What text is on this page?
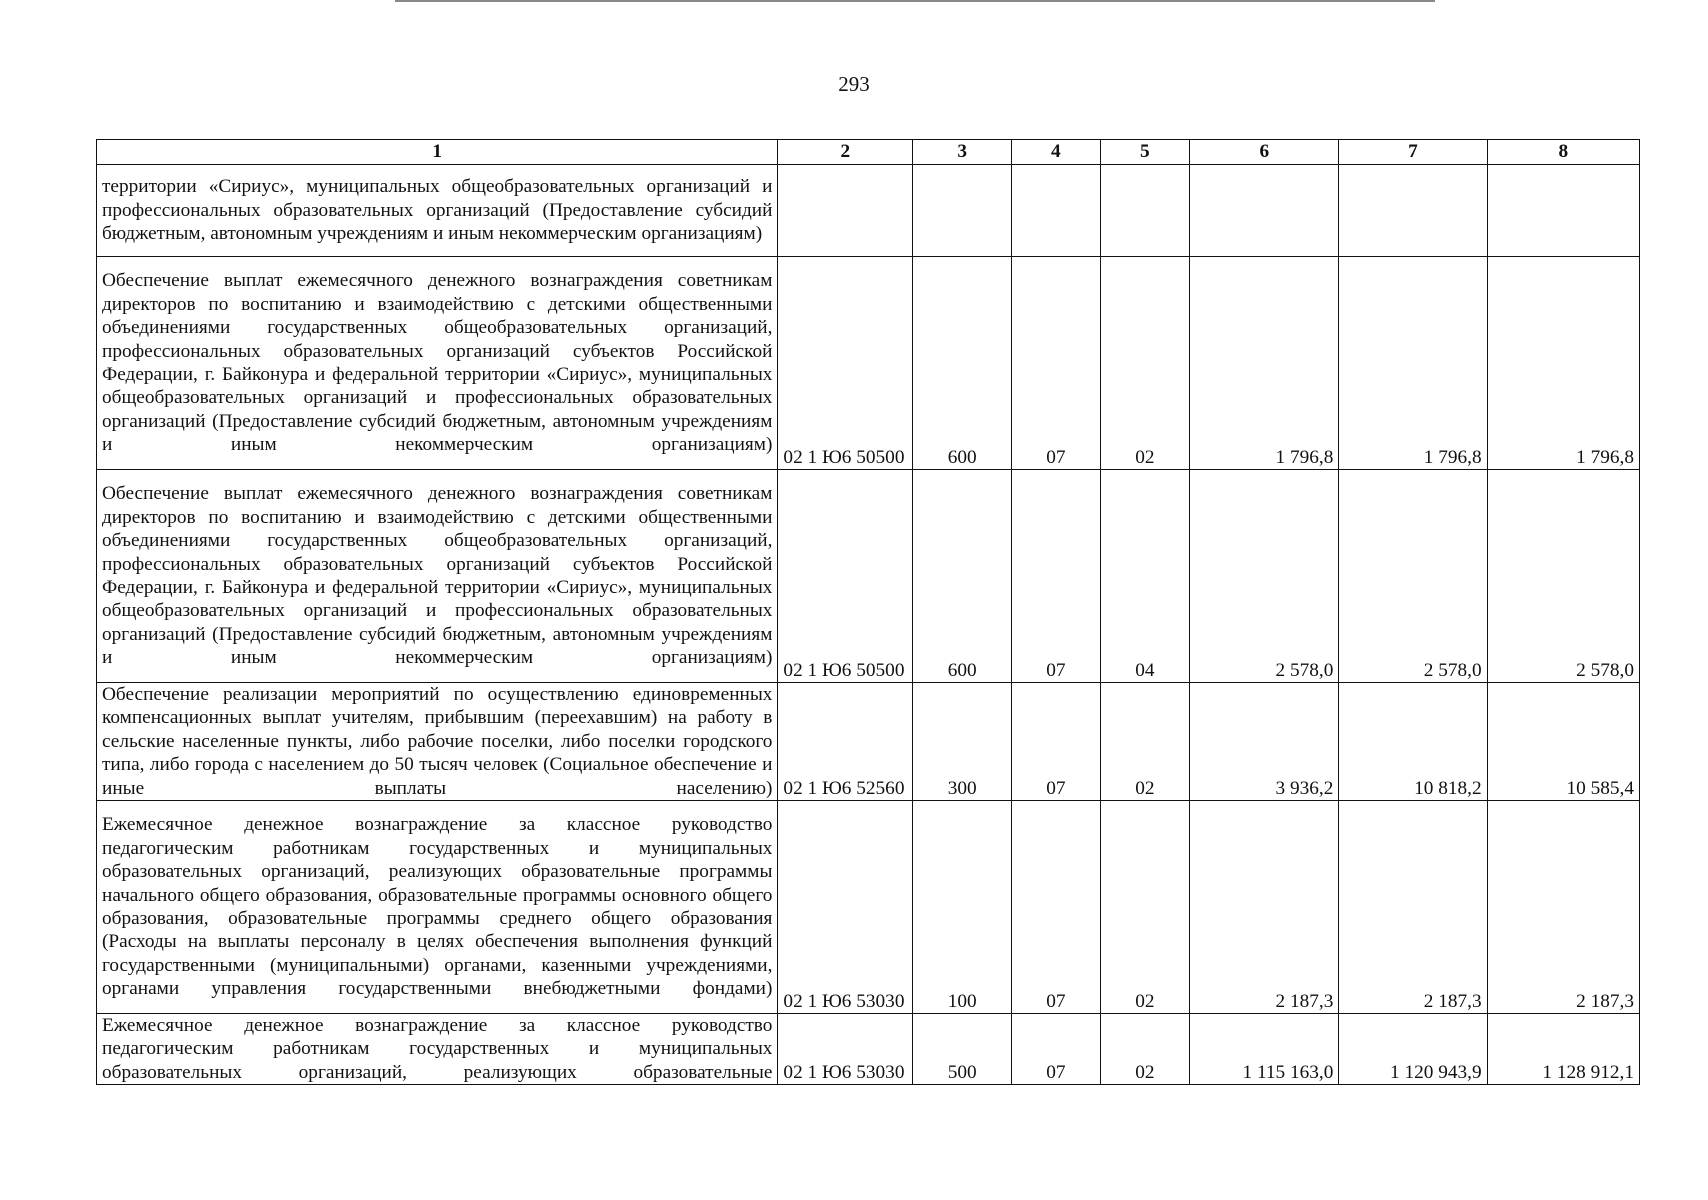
293
1	2	3	4	5	6	7	8
территории «Сириус», муниципальных общеобразовательных организаций и профессиональных образовательных организаций (Предоставление субсидий бюджетным, автономным учреждениям и иным некоммерческим организациям)							
Обеспечение выплат ежемесячного денежного вознаграждения советникам директоров по воспитанию и взаимодействию с детскими общественными объединениями государственных общеобразовательных организаций, профессиональных образовательных организаций субъектов Российской Федерации, г. Байконура и федеральной территории «Сириус», муниципальных общеобразовательных организаций и профессиональных образовательных организаций (Предоставление субсидий бюджетным, автономным учреждениям и иным некоммерческим организациям)	02 1 Ю6 50500	600	07	02	1 796,8	1 796,8	1 796,8
Обеспечение выплат ежемесячного денежного вознаграждения советникам директоров по воспитанию и взаимодействию с детскими общественными объединениями государственных общеобразовательных организаций, профессиональных образовательных организаций субъектов Российской Федерации, г. Байконура и федеральной территории «Сириус», муниципальных общеобразовательных организаций и профессиональных образовательных организаций (Предоставление субсидий бюджетным, автономным учреждениям и иным некоммерческим организациям)	02 1 Ю6 50500	600	07	04	2 578,0	2 578,0	2 578,0
Обеспечение реализации мероприятий по осуществлению единовременных компенсационных выплат учителям, прибывшим (переехавшим) на работу в сельские населенные пункты, либо рабочие поселки, либо поселки городского типа, либо города с населением до 50 тысяч человек (Социальное обеспечение и иные выплаты населению)	02 1 Ю6 52560	300	07	02	3 936,2	10 818,2	10 585,4
Ежемесячное денежное вознаграждение за классное руководство педагогическим работникам государственных и муниципальных образовательных организаций, реализующих образовательные программы начального общего образования, образовательные программы основного общего образования, образовательные программы среднего общего образования (Расходы на выплаты персоналу в целях обеспечения выполнения функций государственными (муниципальными) органами, казенными учреждениями, органами управления государственными внебюджетными фондами)	02 1 Ю6 53030	100	07	02	2 187,3	2 187,3	2 187,3
Ежемесячное денежное вознаграждение за классное руководство педагогическим работникам государственных и муниципальных образовательных организаций, реализующих образовательные	02 1 Ю6 53030	500	07	02	1 115 163,0	1 120 943,9	1 128 912,1
